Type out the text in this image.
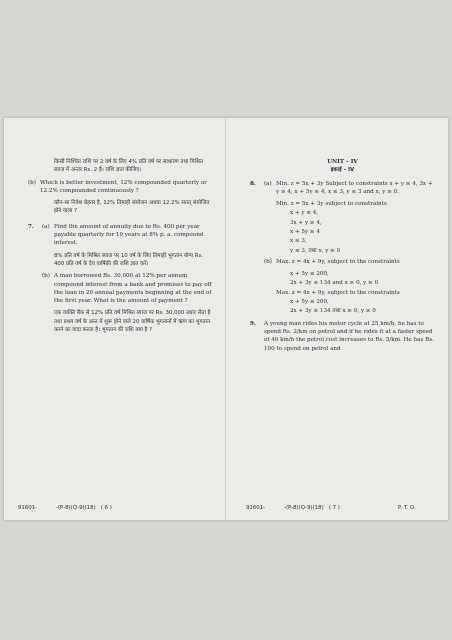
किसी निश्चित राशि पर 2 वर्ष के लिए 4% प्रति वर्ष पर साधारण तथा मिश्रित ब्याज में अन्तर Rs. 2 है। राशि ज्ञात कीजिए।
(b) Which is better investment, 12% compounded quarterly or 12.2% compounded continuously ?
कौन-सा निवेश बेहतर है, 12% तिमाही संयोजन अथवा 12.2% सतत् संयोजित होने वाला ?
7.	(a) Find the amount of annuity due to Rs. 400 per year payable quarterly for 10 years at 8% p. a. compound interest.
8% प्रति वर्ष के मिश्रित ब्याज पर 10 वर्ष के लिए तिमाही भुगतान योग्य Rs. 400 प्रति वर्ष के देय वार्षिकी की राशि ज्ञात करें।
(b) A man borrowed Rs. 30,000 at 12% per annum compound interest from a bank and promises to pay off the loan in 20 annual payments beginning at the end of the first year. What is the amount of payment ?
एक व्यक्ति बैंक से 12% प्रति वर्ष मिश्रित ब्याज पर Rs. 30,000 उधार लेता है तथा प्रथम वर्ष के अन्त में शुरू होने वाले 20 वार्षिक भुगतानों में ऋण का भुगतान करने का वादा करता है। भुगतान की राशि क्या है ?
UNIT – IV
इकाई – IV
8.	(a) Min. z = 5x + 3y Subject to constraints x + y ≤ 4, 3x + y ≥ 4, x + 5y ≥ 4, x ≤ 3, y ≤ 3 and x, y ≥ 0.
Min. z = 5x + 3y subject to constraints
x + y ≤ 4,
3x + y ≥ 4,
x + 5y ≥ 4
x ≤ 3,
y ≤ 3, तथा x, y ≥ 0
(b) Max. z = 4x + 9y, subject to the constraints
x + 5y ≤ 200,
2x + 3y ≤ 134 and x ≥ 0, y ≥ 0
Max. z = 4x + 9y, subject to the constraints
x + 5y ≤ 200,
2x + 3y ≤ 134 तथा x ≥ 0, y ≥ 0
9.	A young man rides his motor cycle at 25 km/h, he has to spend Rs. 2/km on petrol and if he rides it at a faster speed of 40 km/h the petrol cost increases to Rs. 5/km. He has Rs. 100 to spend on petrol and
91601-	-(P-8)(Q-9)(18) ( 6 )	91601-	-(P-8)(Q-9)(18) ( 7 )	P. T. O.
